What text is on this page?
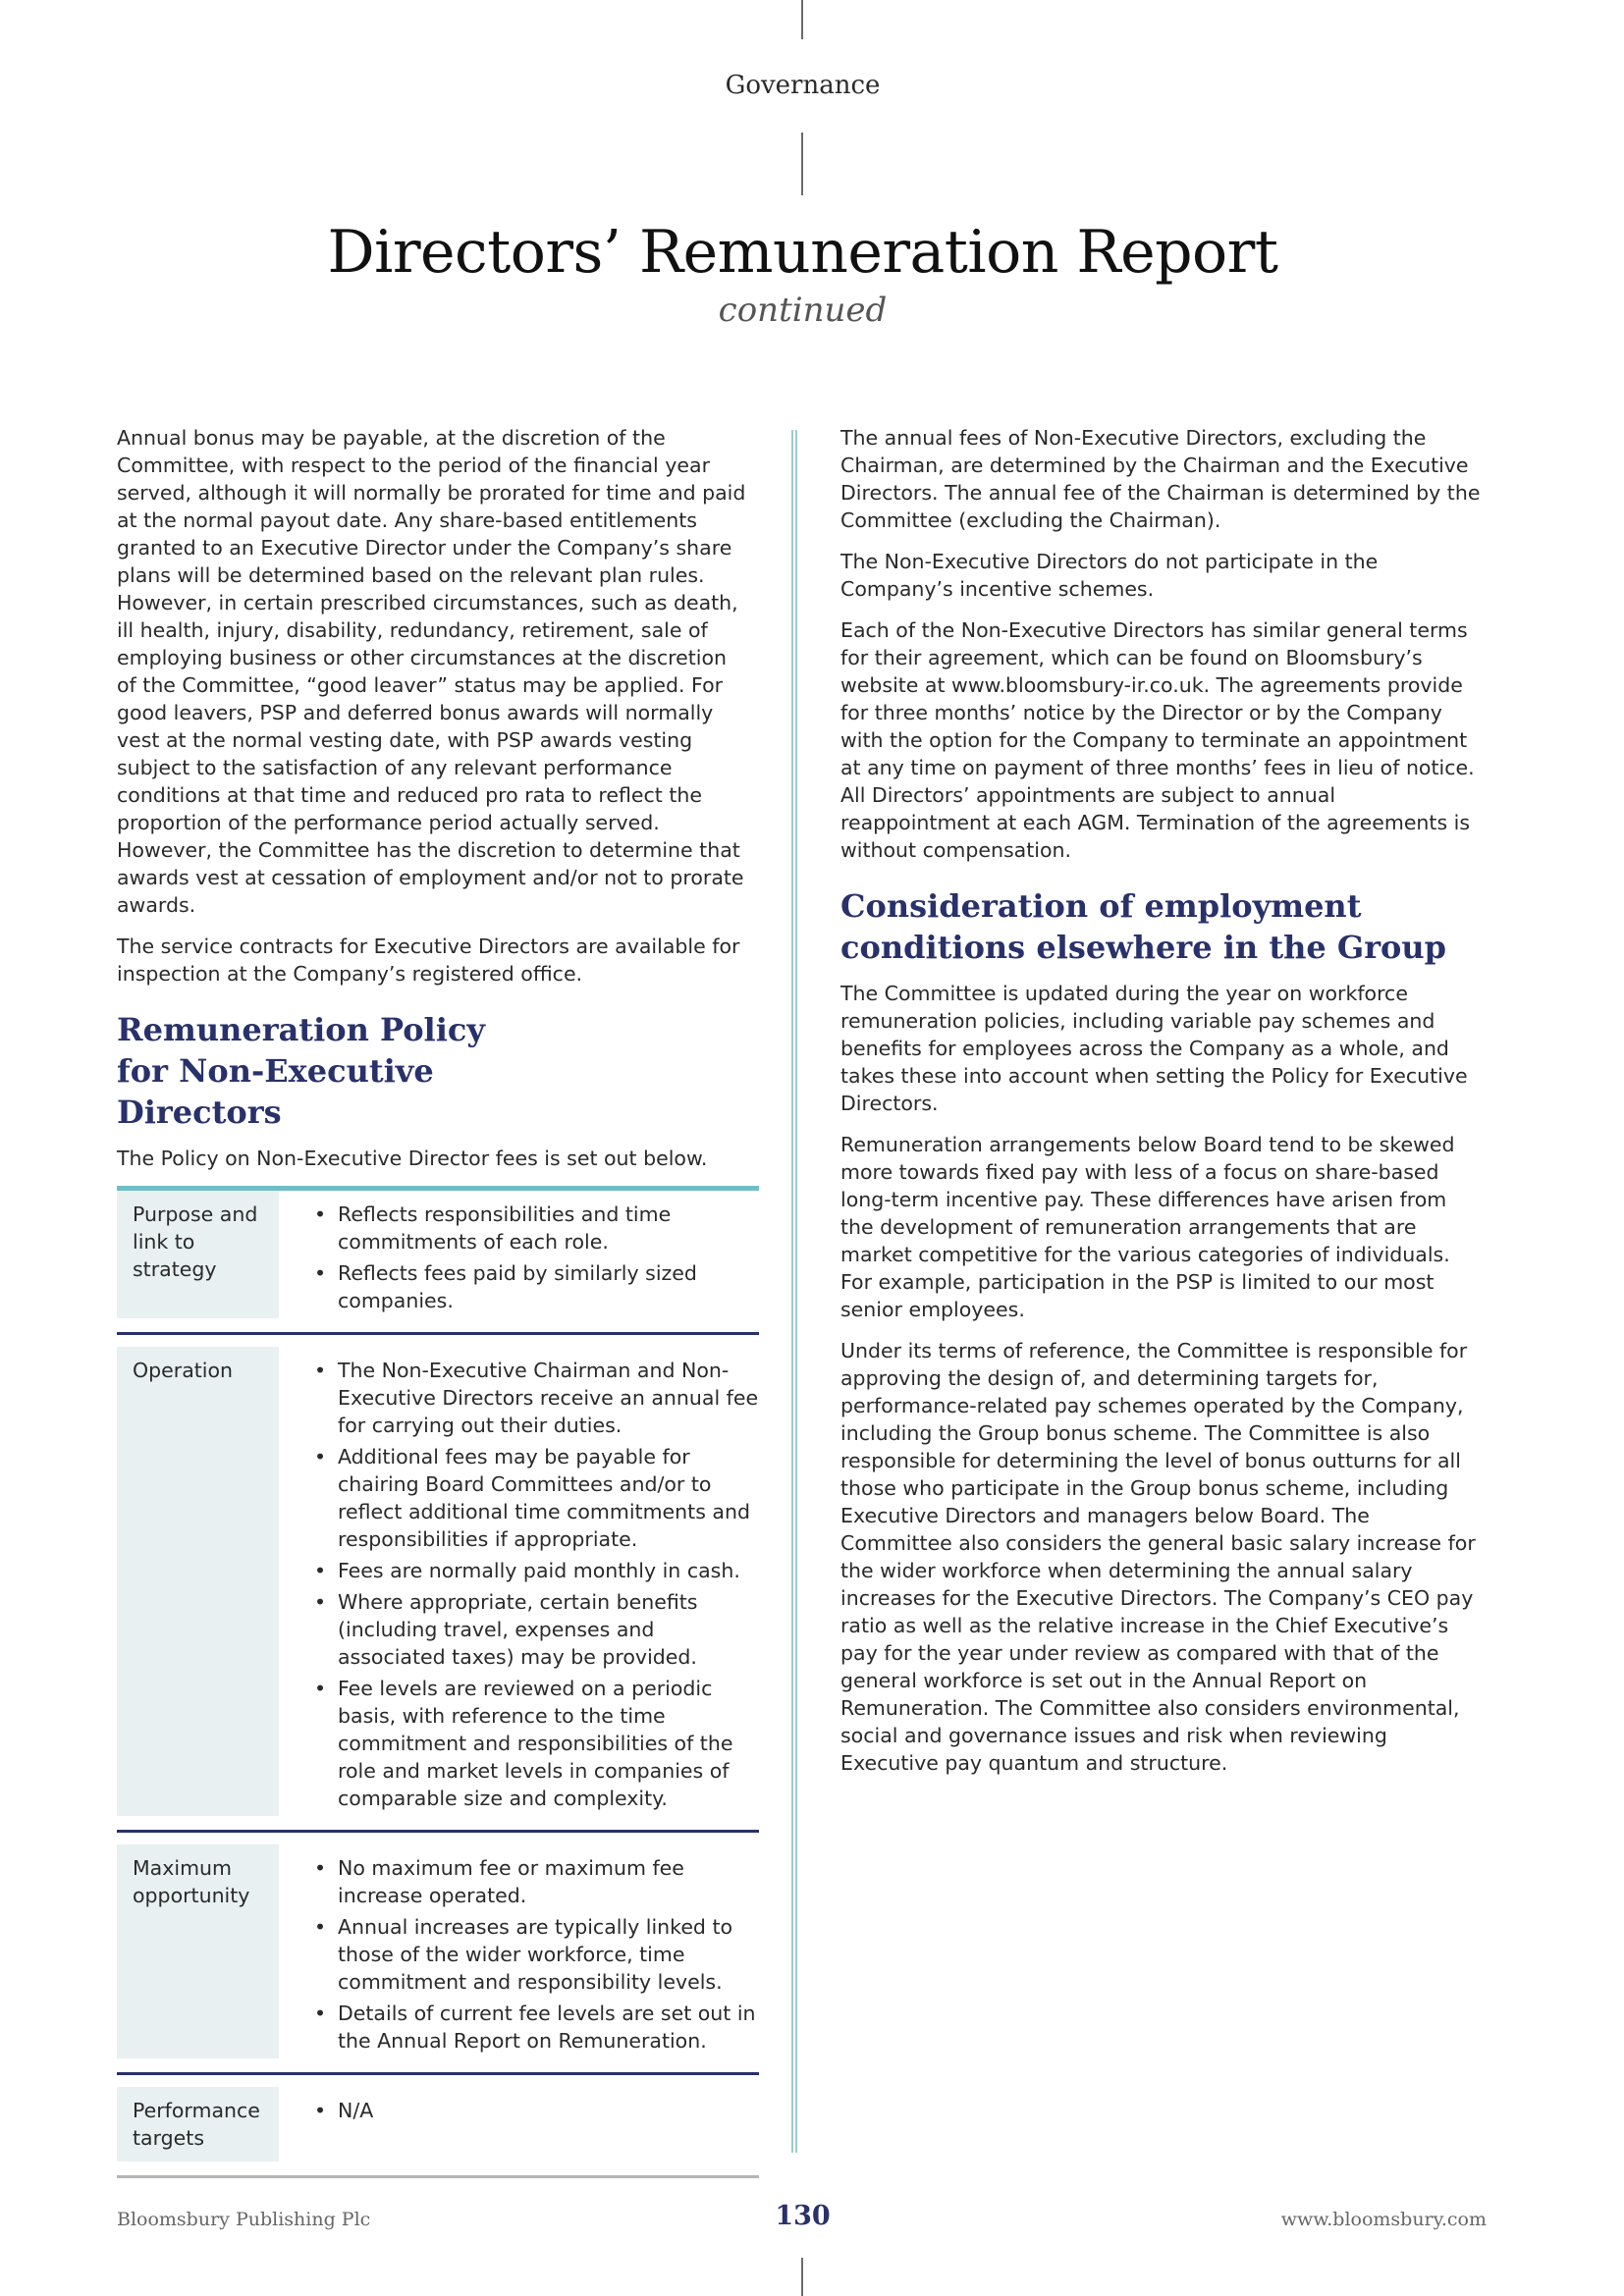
Governance
Directors’ Remuneration Report
continued

Annual bonus may be payable, at the discretion of the Committee, with respect to the period of the financial year served, although it will normally be prorated for time and paid at the normal payout date. Any share-based entitlements granted to an Executive Director under the Company’s share plans will be determined based on the relevant plan rules. However, in certain prescribed circumstances, such as death, ill health, injury, disability, redundancy, retirement, sale of employing business or other circumstances at the discretion of the Committee, “good leaver” status may be applied. For good leavers, PSP and deferred bonus awards will normally vest at the normal vesting date, with PSP awards vesting subject to the satisfaction of any relevant performance conditions at that time and reduced pro rata to reflect the proportion of the performance period actually served. However, the Committee has the discretion to determine that awards vest at cessation of employment and/or not to prorate awards.

The service contracts for Executive Directors are available for inspection at the Company’s registered office.

Remuneration Policy for Non-Executive Directors

The Policy on Non-Executive Director fees is set out below.

Purpose and link to strategy
• Reflects responsibilities and time commitments of each role.
• Reflects fees paid by similarly sized companies.
Operation
•	The Non-Executive Chairman and Non-Executive Directors receive an annual fee for carrying out their duties.
• Additional fees may be payable for chairing Board Committees and/or to reflect additional time commitments and responsibilities if appropriate.
• Fees are normally paid monthly in cash.
• Where appropriate, certain benefits (including travel, expenses and associated taxes) may be provided.
• Fee levels are reviewed on a periodic basis, with reference to the time commitment and responsibilities of the role and market levels in companies of comparable size and complexity.
Maximum opportunity
• No maximum fee or maximum fee increase operated.
• Annual increases are typically linked to those of the wider workforce, time commitment and responsibility levels.
• Details of current fee levels are set out in the Annual Report on Remuneration.
Performance targets
• N/A

The annual fees of Non-Executive Directors, excluding the Chairman, are determined by the Chairman and the Executive Directors. The annual fee of the Chairman is determined by the Committee (excluding the Chairman).

The Non-Executive Directors do not participate in the Company’s incentive schemes.

Each of the Non-Executive Directors has similar general terms for their agreement, which can be found on Bloomsbury’s website at www.bloomsbury-ir.co.uk. The agreements provide for three months’ notice by the Director or by the Company with the option for the Company to terminate an appointment at any time on payment of three months’ fees in lieu of notice. All Directors’ appointments are subject to annual reappointment at each AGM. Termination of the agreements is without compensation.

Consideration of employment conditions elsewhere in the Group

The Committee is updated during the year on workforce remuneration policies, including variable pay schemes and benefits for employees across the Company as a whole, and takes these into account when setting the Policy for Executive Directors.

Remuneration arrangements below Board tend to be skewed more towards fixed pay with less of a focus on share-based long-term incentive pay. These differences have arisen from the development of remuneration arrangements that are market competitive for the various categories of individuals. For example, participation in the PSP is limited to our most senior employees.

Under its terms of reference, the Committee is responsible for approving the design of, and determining targets for, performance-related pay schemes operated by the Company, including the Group bonus scheme. The Committee is also responsible for determining the level of bonus outturns for all those who participate in the Group bonus scheme, including Executive Directors and managers below Board. The Committee also considers the general basic salary increase for the wider workforce when determining the annual salary increases for the Executive Directors. The Company’s CEO pay ratio as well as the relative increase in the Chief Executive’s pay for the year under review as compared with that of the general workforce is set out in the Annual Report on Remuneration. The Committee also considers environmental, social and governance issues and risk when reviewing Executive pay quantum and structure.

Bloomsbury Publishing Plc	130	www.bloomsbury.com
